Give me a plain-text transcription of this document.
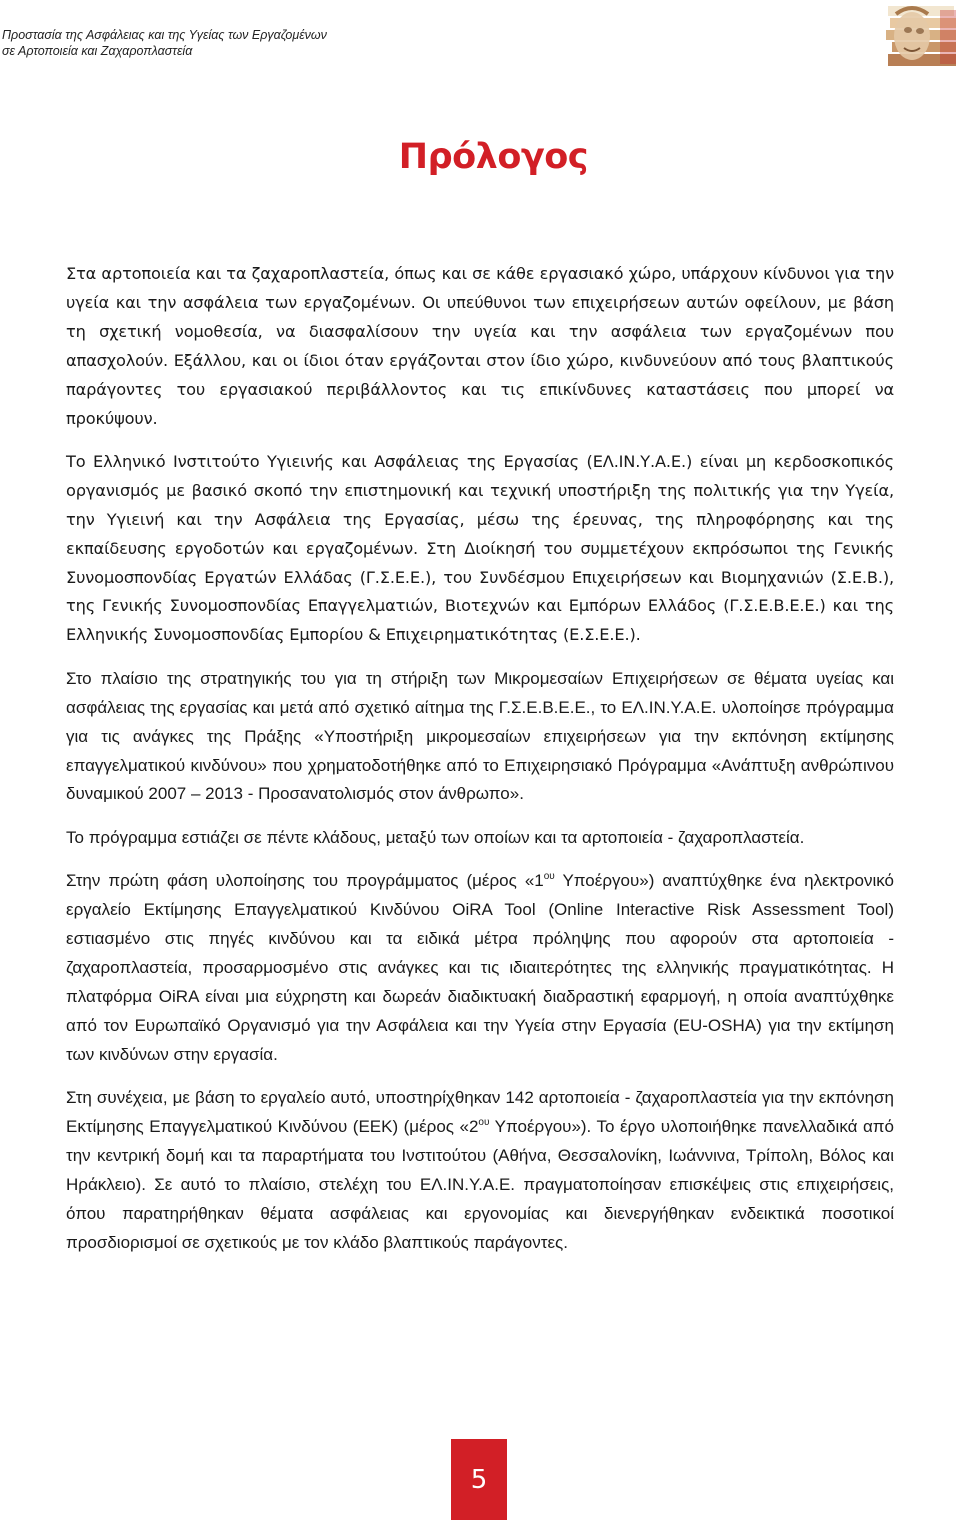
Προστασία της Ασφάλειας και της Υγείας των Εργαζομένων
σε Αρτοποιεία και Ζαχαροπλαστεία
Πρόλογος

Στα αρτοποιεία και τα ζαχαροπλαστεία, όπως και σε κάθε εργασιακό χώρο, υπάρχουν κίνδυνοι για την υγεία και την ασφάλεια των εργαζομένων. Οι υπεύθυνοι των επιχειρήσεων αυτών οφείλουν, με βάση τη σχετική νομοθεσία, να διασφαλίσουν την υγεία και την ασφάλεια των εργαζομένων που απασχολούν. Εξάλλου, και οι ίδιοι όταν εργάζονται στον ίδιο χώρο, κινδυνεύουν από τους βλαπτικούς παράγοντες του εργασιακού περιβάλλοντος και τις επικίνδυνες καταστάσεις που μπορεί να προκύψουν.

Το Ελληνικό Ινστιτούτο Υγιεινής και Ασφάλειας της Εργασίας (ΕΛ.ΙΝ.Υ.Α.Ε.) είναι μη κερδοσκοπικός οργανισμός με βασικό σκοπό την επιστημονική και τεχνική υποστήριξη της πολιτικής για την Υγεία, την Υγιεινή και την Ασφάλεια της Εργασίας, μέσω της έρευνας, της πληροφόρησης και της εκπαίδευσης εργοδοτών και εργαζομένων. Στη Διοίκησή του συμμετέχουν εκπρόσωποι της Γενικής Συνομοσπονδίας Εργατών Ελλάδας (Γ.Σ.Ε.Ε.), του Συνδέσμου Επιχειρήσεων και Βιομηχανιών (Σ.Ε.Β.), της Γενικής Συνομοσπονδίας Επαγγελματιών, Βιοτεχνών και Εμπόρων Ελλάδος (Γ.Σ.Ε.Β.Ε.Ε.) και της Ελληνικής Συνομοσπονδίας Εμπορίου & Επιχειρηματικότητας (Ε.Σ.Ε.Ε.).

Στο πλαίσιο της στρατηγικής του για τη στήριξη των Μικρομεσαίων Επιχειρήσεων σε θέματα υγείας και ασφάλειας της εργασίας και μετά από σχετικό αίτημα της Γ.Σ.Ε.Β.Ε.Ε., το ΕΛ.ΙΝ.Υ.Α.Ε. υλοποίησε πρόγραμμα για τις ανάγκες της Πράξης «Υποστήριξη μικρομεσαίων επιχειρήσεων για την εκπόνηση εκτίμησης επαγγελματικού κινδύνου» που χρηματοδοτήθηκε από το Επιχειρησιακό Πρόγραμμα «Ανάπτυξη ανθρώπινου δυναμικού 2007 – 2013 - Προσανατολισμός στον άνθρωπο».

Το πρόγραμμα εστιάζει σε πέντε κλάδους, μεταξύ των οποίων και τα αρτοποιεία - ζαχαροπλαστεία.

Στην πρώτη φάση υλοποίησης του προγράμματος (μέρος «$1^{o\upsilon}$ Υποέργου») αναπτύχθηκε ένα ηλεκτρονικό εργαλείο Εκτίμησης Επαγγελματικού Κινδύνου OiRA Tool (Online Interactive Risk Assessment Tool) εστιασμένο στις πηγές κινδύνου και τα ειδικά μέτρα πρόληψης που αφορούν στα αρτοποιεία - ζαχαροπλαστεία, προσαρμοσμένο στις ανάγκες και τις ιδιαιτερότητες της ελληνικής πραγματικότητας. Η πλατφόρμα OiRA είναι μια εύχρηστη και δωρεάν διαδικτυακή διαδραστική εφαρμογή, η οποία αναπτύχθηκε από τον Ευρωπαϊκό Οργανισμό για την Ασφάλεια και την Υγεία στην Εργασία (EU-OSHA) για την εκτίμηση των κινδύνων στην εργασία.

Στη συνέχεια, με βάση το εργαλείο αυτό, υποστηρίχθηκαν 142 αρτοποιεία - ζαχαροπλαστεία για την εκπόνηση Εκτίμησης Επαγγελματικού Κινδύνου (ΕΕΚ) (μέρος «$2^{o\upsilon}$ Υποέργου»). Το έργο υλοποιήθηκε πανελλαδικά από την κεντρική δομή και τα παραρτήματα του Ινστιτούτου (Αθήνα, Θεσσαλονίκη, Ιωάννινα, Τρίπολη, Βόλος και Ηράκλειο). Σε αυτό το πλαίσιο, στελέχη του ΕΛ.ΙΝ.Υ.Α.Ε. πραγματοποίησαν επισκέψεις στις επιχειρήσεις, όπου παρατηρήθηκαν θέματα ασφάλειας και εργονομίας και διενεργήθηκαν ενδεικτικά ποσοτικοί προσδιορισμοί σε σχετικούς με τον κλάδο βλαπτικούς παράγοντες.

5
